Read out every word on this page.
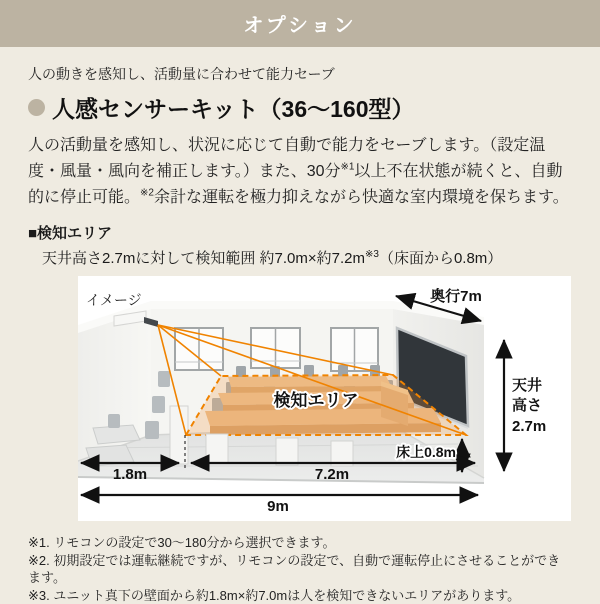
オプション
人の動きを感知し、活動量に合わせて能力セーブ
人感センサーキット（36〜160型）

人の活動量を感知し、状況に応じて自動で能力をセーブします。（設定温度・風量・風向を補正します。）また、30分$^{※1}$以上不在状態が続くと、自動的に停止可能。$^{※2}$余計な運転を極力抑えながら快適な室内環境を保ちます。

■検知エリア
天井高さ2.7mに対して検知範囲 約7.0m×約$7.2m^{※3}$（床面から0.8m）
イメージ
検知エリア
奥行7m
天井
高さ
2.7m
床上0.8m
1.8m	7.2m
9m
※1. リモコンの設定で30〜180分から選択できます。
※2. 初期設定では運転継続ですが、リモコンの設定で、自動で運転停止にさせることができます。
※3. ユニット真下の壁面から約1.8m×約7.0mは人を検知できないエリアがあります。
